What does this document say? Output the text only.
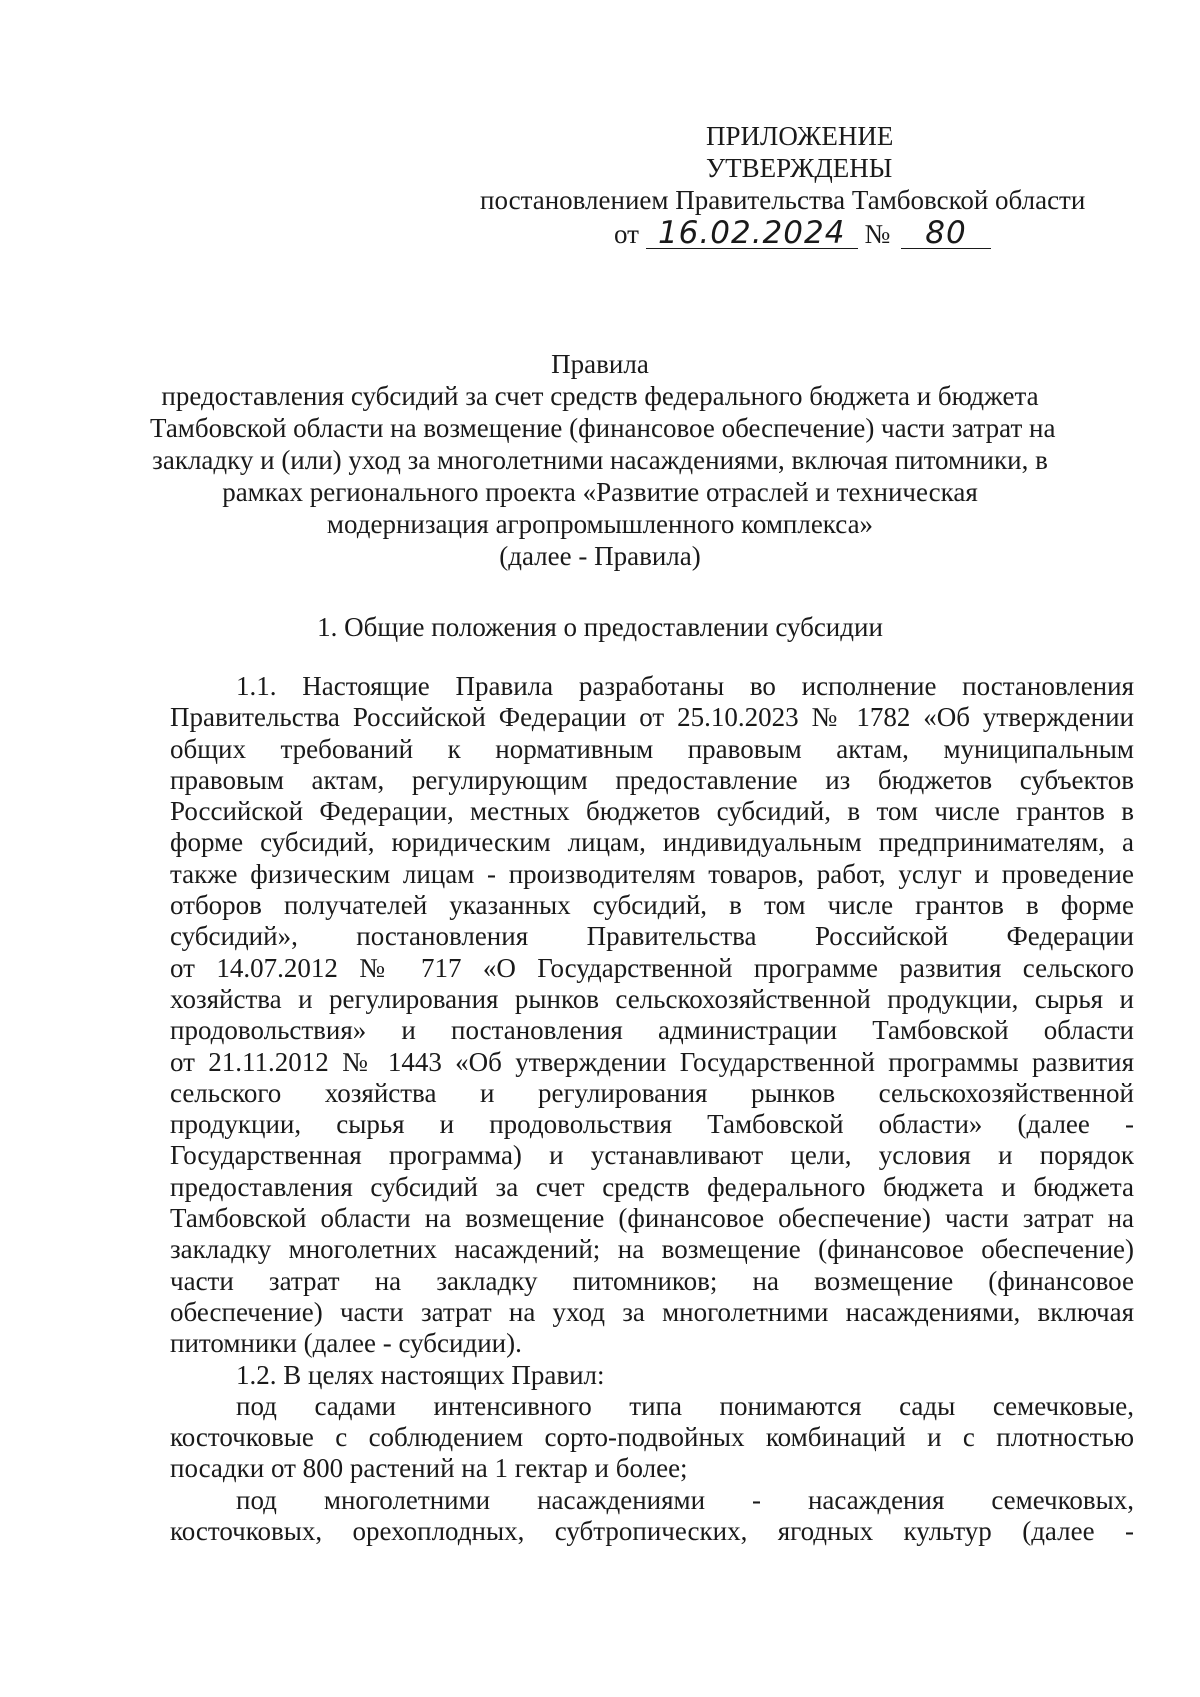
ПРИЛОЖЕНИЕ
УТВЕРЖДЕНЫ
постановлением Правительства Тамбовской области
от 16.02.2024 № 80
Правила
предоставления субсидий за счет средств федерального бюджета и бюджета
Тамбовской области на возмещение (финансовое обеспечение) части затрат на
закладку и (или) уход за многолетними насаждениями, включая питомники, в
рамках регионального проекта «Развитие отраслей и техническая
модернизация агропромышленного комплекса»
(далее - Правила)
1. Общие положения о предоставлении субсидии
1.1. Настоящие Правила разработаны во исполнение постановления
Правительства Российской Федерации от 25.10.2023 № 1782 «Об утверждении
общих требований к нормативным правовым актам, муниципальным
правовым актам, регулирующим предоставление из бюджетов субъектов
Российской Федерации, местных бюджетов субсидий, в том числе грантов в
форме субсидий, юридическим лицам, индивидуальным предпринимателям, а
также физическим лицам - производителям товаров, работ, услуг и проведение
отборов получателей указанных субсидий, в том числе грантов в форме
субсидий», постановления Правительства Российской Федерации
от 14.07.2012 № 717 «О Государственной программе развития сельского
хозяйства и регулирования рынков сельскохозяйственной продукции, сырья и
продовольствия» и постановления администрации Тамбовской области
от 21.11.2012 № 1443 «Об утверждении Государственной программы развития
сельского хозяйства и регулирования рынков сельскохозяйственной
продукции, сырья и продовольствия Тамбовской области» (далее -
Государственная программа) и устанавливают цели, условия и порядок
предоставления субсидий за счет средств федерального бюджета и бюджета
Тамбовской области на возмещение (финансовое обеспечение) части затрат на
закладку многолетних насаждений; на возмещение (финансовое обеспечение)
части затрат на закладку питомников; на возмещение (финансовое
обеспечение) части затрат на уход за многолетними насаждениями, включая
питомники (далее - субсидии).
1.2. В целях настоящих Правил:
под садами интенсивного типа понимаются сады семечковые,
косточковые с соблюдением сорто-подвойных комбинаций и с плотностью
посадки от 800 растений на 1 гектар и более;
под многолетними насаждениями - насаждения семечковых,
косточковых, орехоплодных, субтропических, ягодных культур (далее -
